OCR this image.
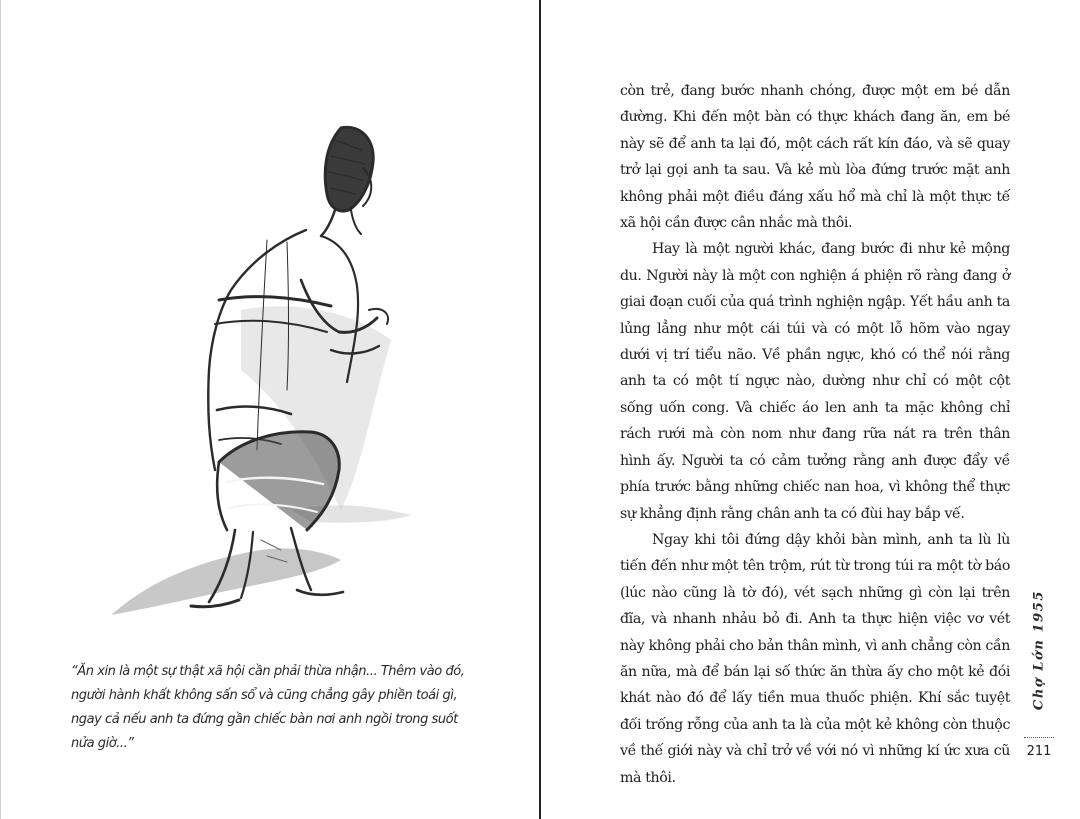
“Ăn xin là một sự thật xã hội cần phải thừa nhận... Thêm vào đó, người hành khất không sấn sổ và cũng chẳng gây phiền toái gì, ngay cả nếu anh ta đứng gần chiếc bàn nơi anh ngồi trong suốt nửa giờ...”

còn trẻ, đang bước nhanh chóng, được một em bé dẫn đường. Khi đến một bàn có thực khách đang ăn, em bé này sẽ để anh ta lại đó, một cách rất kín đáo, và sẽ quay trở lại gọi anh ta sau. Và kẻ mù lòa đứng trước mặt anh không phải một điều đáng xấu hổ mà chỉ là một thực tế xã hội cần được cân nhắc mà thôi.

Hay là một người khác, đang bước đi như kẻ mộng du. Người này là một con nghiện á phiện rõ ràng đang ở giai đoạn cuối của quá trình nghiện ngập. Yết hầu anh ta lủng lẳng như một cái túi và có một lỗ hõm vào ngay dưới vị trí tiểu não. Về phần ngực, khó có thể nói rằng anh ta có một tí ngực nào, dường như chỉ có một cột sống uốn cong. Và chiếc áo len anh ta mặc không chỉ rách rưới mà còn nom như đang rữa nát ra trên thân hình ấy. Người ta có cảm tưởng rằng anh được đẩy về phía trước bằng những chiếc nan hoa, vì không thể thực sự khẳng định rằng chân anh ta có đùi hay bắp vế.

Ngay khi tôi đứng dậy khỏi bàn mình, anh ta lù lù tiến đến như một tên trộm, rút từ trong túi ra một tờ báo (lúc nào cũng là tờ đó), vét sạch những gì còn lại trên đĩa, và nhanh nhảu bỏ đi. Anh ta thực hiện việc vơ vét này không phải cho bản thân mình, vì anh chẳng còn cần ăn nữa, mà để bán lại số thức ăn thừa ấy cho một kẻ đói khát nào đó để lấy tiền mua thuốc phiện. Khí sắc tuyệt đối trống rỗng của anh ta là của một kẻ không còn thuộc về thế giới này và chỉ trở về với nó vì những kí ức xưa cũ mà thôi.

Chợ Lớn 1955
211
